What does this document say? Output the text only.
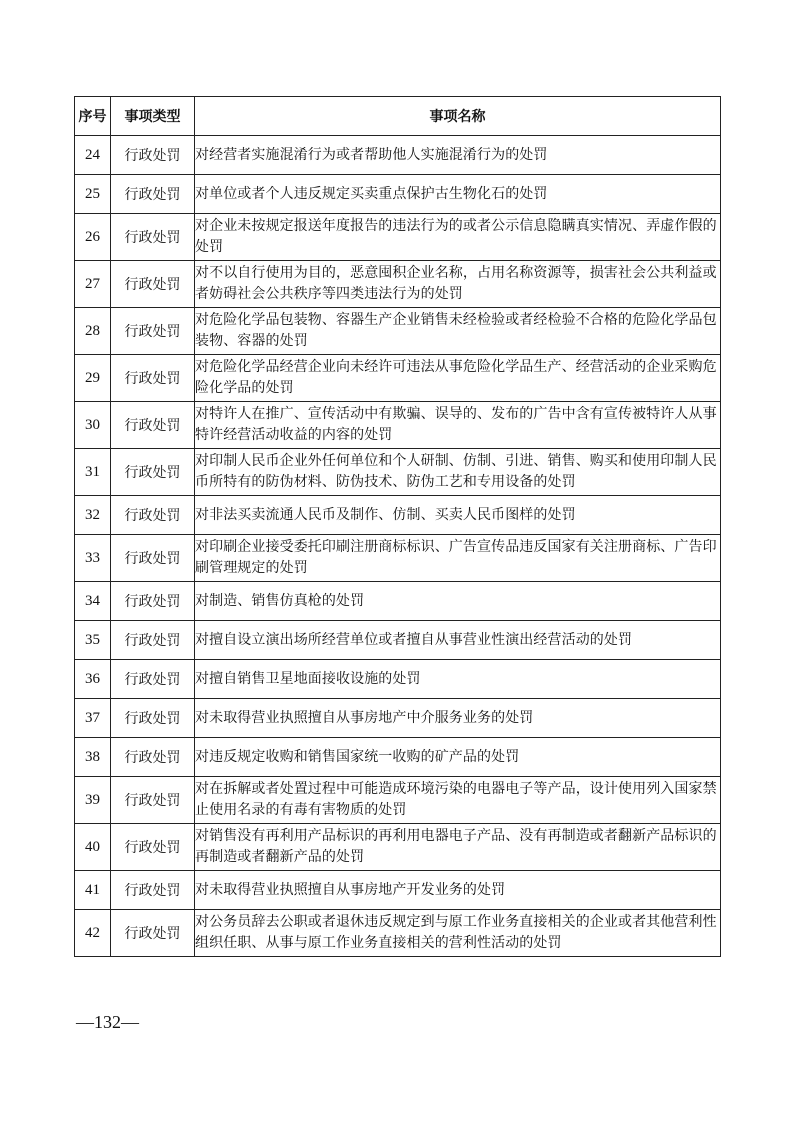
序号	事项类型	事项名称
24	行政处罚	对经营者实施混淆行为或者帮助他人实施混淆行为的处罚
25	行政处罚	对单位或者个人违反规定买卖重点保护古生物化石的处罚
26	行政处罚	对企业未按规定报送年度报告的违法行为的或者公示信息隐瞒真实情况、弄虚作假的处罚
27	行政处罚	对不以自行使用为目的，恶意囤积企业名称，占用名称资源等，损害社会公共利益或者妨碍社会公共秩序等四类违法行为的处罚
28	行政处罚	对危险化学品包装物、容器生产企业销售未经检验或者经检验不合格的危险化学品包装物、容器的处罚
29	行政处罚	对危险化学品经营企业向未经许可违法从事危险化学品生产、经营活动的企业采购危险化学品的处罚
30	行政处罚	对特许人在推广、宣传活动中有欺骗、误导的、发布的广告中含有宣传被特许人从事特许经营活动收益的内容的处罚
31	行政处罚	对印制人民币企业外任何单位和个人研制、仿制、引进、销售、购买和使用印制人民币所特有的防伪材料、防伪技术、防伪工艺和专用设备的处罚
32	行政处罚	对非法买卖流通人民币及制作、仿制、买卖人民币图样的处罚
33	行政处罚	对印刷企业接受委托印刷注册商标标识、广告宣传品违反国家有关注册商标、广告印刷管理规定的处罚
34	行政处罚	对制造、销售仿真枪的处罚
35	行政处罚	对擅自设立演出场所经营单位或者擅自从事营业性演出经营活动的处罚
36	行政处罚	对擅自销售卫星地面接收设施的处罚
37	行政处罚	对未取得营业执照擅自从事房地产中介服务业务的处罚
38	行政处罚	对违反规定收购和销售国家统一收购的矿产品的处罚
39	行政处罚	对在拆解或者处置过程中可能造成环境污染的电器电子等产品，设计使用列入国家禁止使用名录的有毒有害物质的处罚
40	行政处罚	对销售没有再利用产品标识的再利用电器电子产品、没有再制造或者翻新产品标识的再制造或者翻新产品的处罚
41	行政处罚	对未取得营业执照擅自从事房地产开发业务的处罚
42	行政处罚	对公务员辞去公职或者退休违反规定到与原工作业务直接相关的企业或者其他营利性组织任职、从事与原工作业务直接相关的营利性活动的处罚
—132—
